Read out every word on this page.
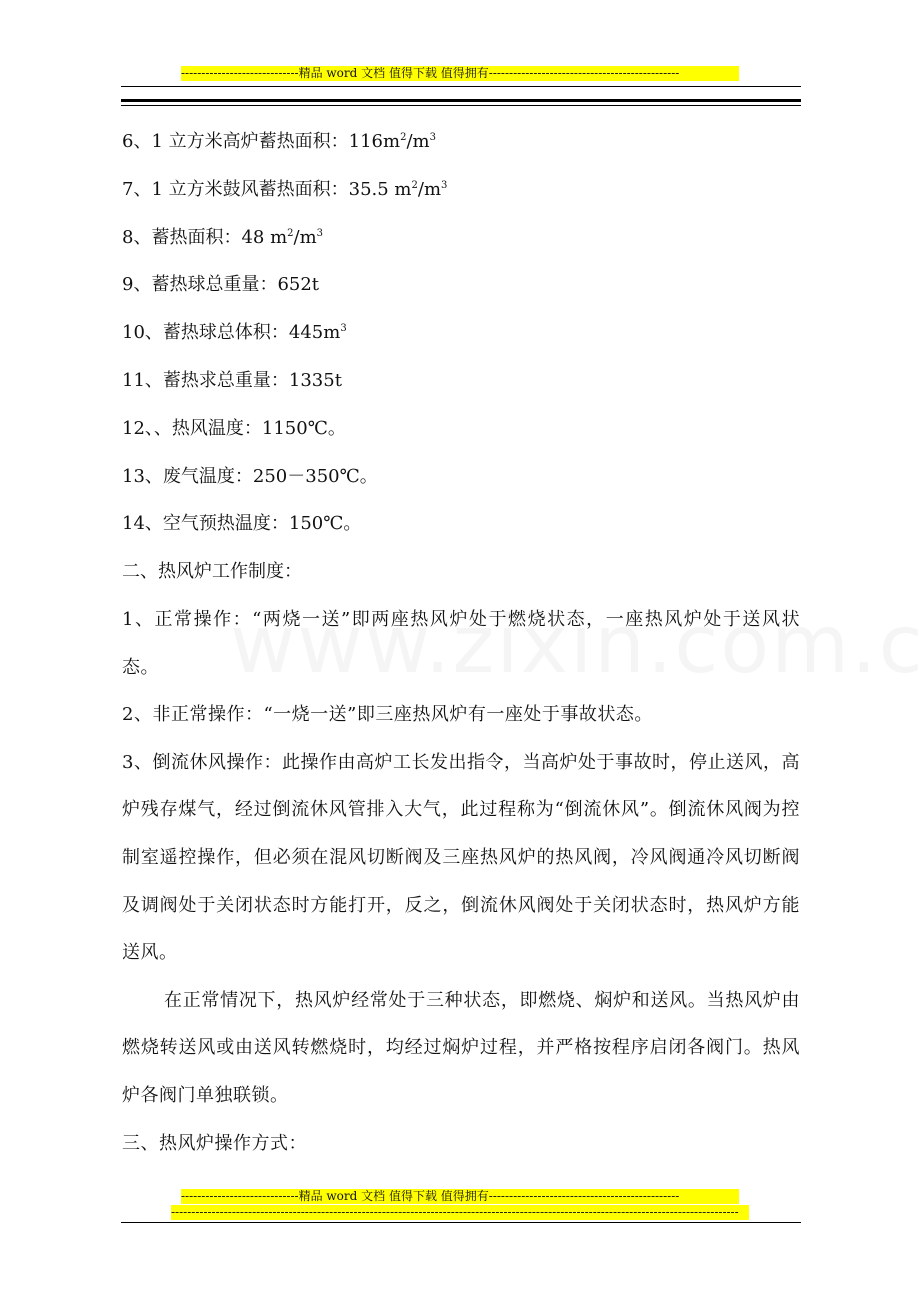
-----------------------------精品 word 文档 值得下载 值得拥有-----------------------------------------------
6、1 立方米高炉蓄热面积：$116m^2/m^3$
7、1 立方米鼓风蓄热面积：35.5 $m^2/m^3$
8、蓄热面积：48 $m^2/m^3$
9、蓄热球总重量：652t
10、蓄热球总体积：$445m^3$
11、蓄热求总重量：1335t
12、、热风温度：1150℃。
13、废气温度：250－350℃。
14、空气预热温度：150℃。
二、热风炉工作制度：
1、正常操作：“两烧一送”即两座热风炉处于燃烧状态，一座热风炉处于送风状态。
2、非正常操作：“一烧一送”即三座热风炉有一座处于事故状态。
3、倒流休风操作：此操作由高炉工长发出指令，当高炉处于事故时，停止送风，高炉残存煤气，经过倒流休风管排入大气，此过程称为“倒流休风”。倒流休风阀为控制室遥控操作，但必须在混风切断阀及三座热风炉的热风阀，冷风阀通冷风切断阀及调阀处于关闭状态时方能打开，反之，倒流休风阀处于关闭状态时，热风炉方能送风。
在正常情况下，热风炉经常处于三种状态，即燃烧、焖炉和送风。当热风炉由燃烧转送风或由送风转燃烧时，均经过焖炉过程，并严格按程序启闭各阀门。热风炉各阀门单独联锁。
三、热风炉操作方式：
-----------------------------精品 word 文档 值得下载 值得拥有-----------------------------------------------
--------------------------------------------------------------------------------------------------------------------------------------------
